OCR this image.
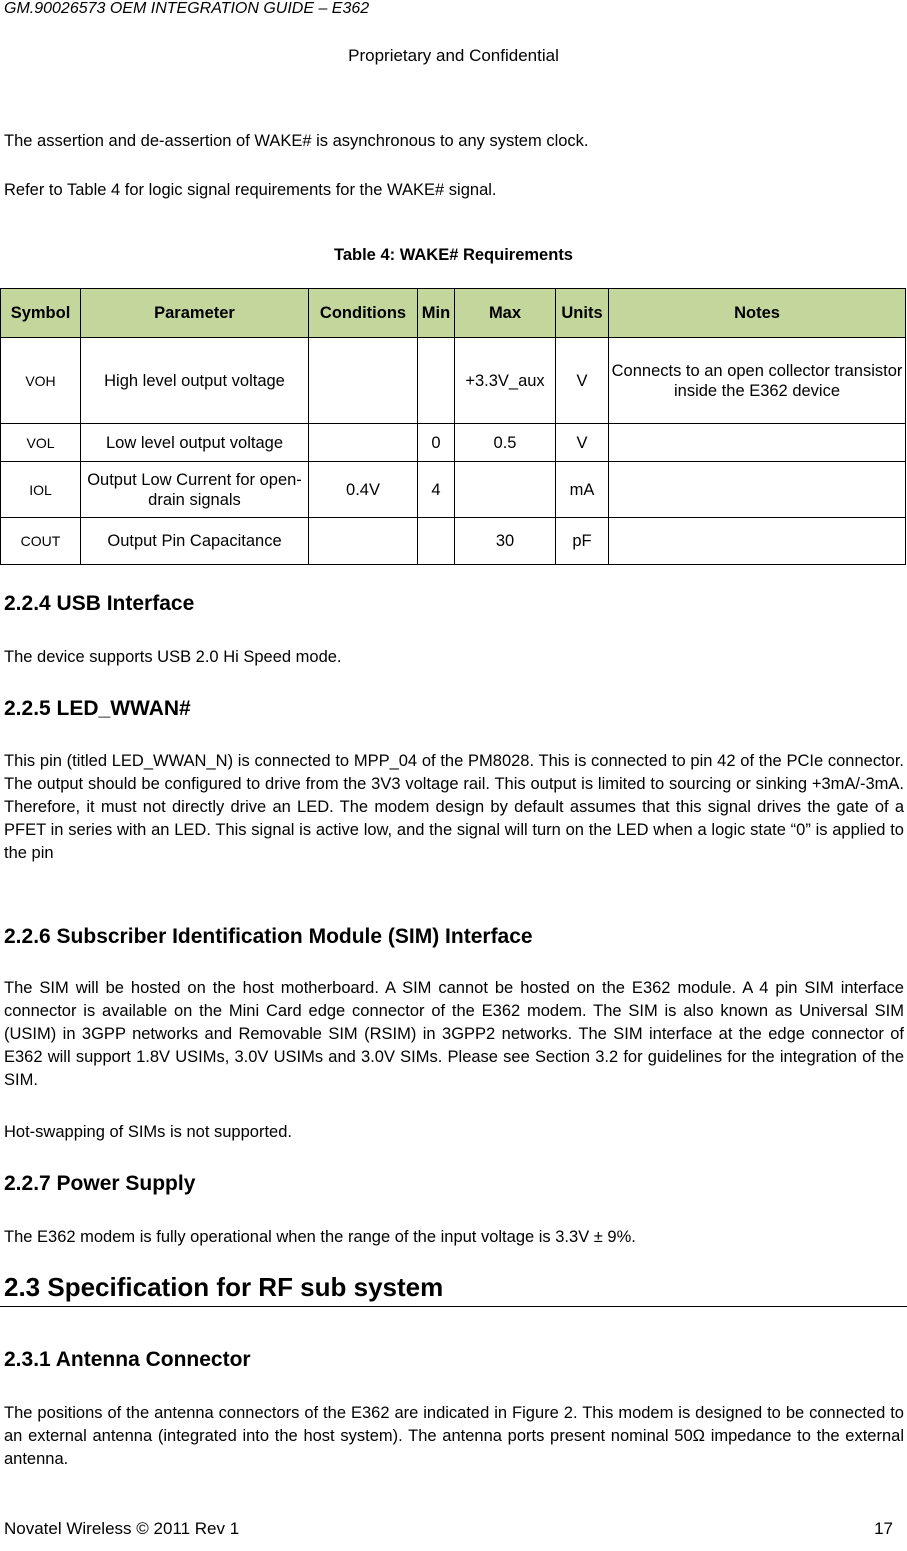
GM.90026573 OEM INTEGRATION GUIDE – E362
Proprietary and Confidential
The assertion and de-assertion of WAKE# is asynchronous to any system clock.
Refer to Table 4 for logic signal requirements for the WAKE# signal.
Table 4: WAKE# Requirements
Symbol	Parameter	Conditions	Min	Max	Units	Notes
VOH	High level output voltage			+3.3V_aux	V	Connects to an open collector transistor inside the E362 device
VOL	Low level output voltage		0	0.5	V	
IOL	Output Low Current for open-drain signals	0.4V	4		mA	
COUT	Output Pin Capacitance			30	pF	
2.2.4 USB Interface
The device supports USB 2.0 Hi Speed mode.
2.2.5 LED_WWAN#
This pin (titled LED_WWAN_N) is connected to MPP_04 of the PM8028. This is connected to pin 42 of the PCIe connector. The output should be configured to drive from the 3V3 voltage rail. This output is limited to sourcing or sinking +3mA/-3mA. Therefore, it must not directly drive an LED. The modem design by default assumes that this signal drives the gate of a PFET in series with an LED. This signal is active low, and the signal will turn on the LED when a logic state “0” is applied to the pin
2.2.6 Subscriber Identification Module (SIM) Interface
The SIM will be hosted on the host motherboard. A SIM cannot be hosted on the E362 module. A 4 pin SIM interface connector is available on the Mini Card edge connector of the E362 modem. The SIM is also known as Universal SIM (USIM) in 3GPP networks and Removable SIM (RSIM) in 3GPP2 networks. The SIM interface at the edge connector of E362 will support 1.8V USIMs, 3.0V USIMs and 3.0V SIMs. Please see Section 3.2 for guidelines for the integration of the SIM.
Hot-swapping of SIMs is not supported.
2.2.7 Power Supply
The E362 modem is fully operational when the range of the input voltage is 3.3V ± 9%.
2.3 Specification for RF sub system
2.3.1 Antenna Connector
The positions of the antenna connectors of the E362 are indicated in Figure 2. This modem is designed to be connected to an external antenna (integrated into the host system). The antenna ports present nominal 50Ω impedance to the external antenna.
Novatel Wireless © 2011 Rev 1	17
